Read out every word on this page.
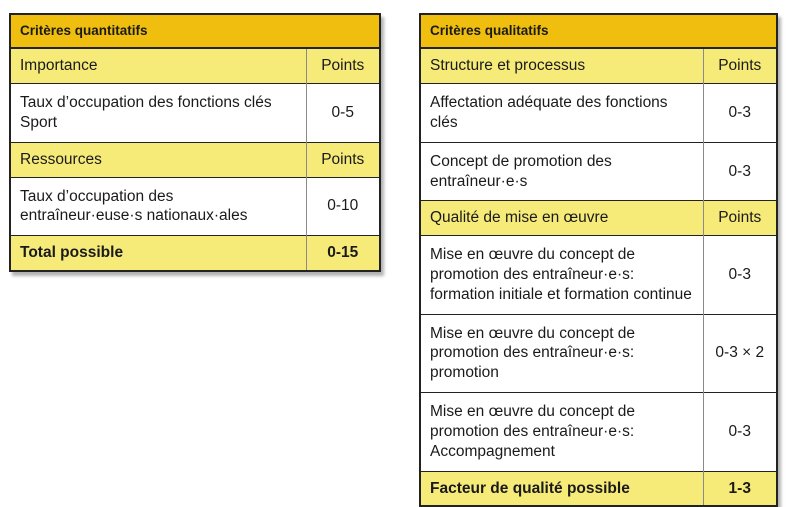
Critères quantitatifs
Importance	Points
Taux d’occupation des fonctions clés Sport	0-5
Ressources	Points
Taux d’occupation des entraîneur·euse·s nationaux·ales	0-10
Total possible	0-15
Critères qualitatifs
Structure et processus	Points
Affectation adéquate des fonctions clés	0-3
Concept de promotion des entraîneur·e·s	0-3
Qualité de mise en œuvre	Points
Mise en œuvre du concept de promotion des entraîneur·e·s: formation initiale et formation continue	0-3
Mise en œuvre du concept de promotion des entraîneur·e·s: promotion	0-3 × 2
Mise en œuvre du concept de promotion des entraîneur·e·s: Accompagnement	0-3
Facteur de qualité possible	1-3
